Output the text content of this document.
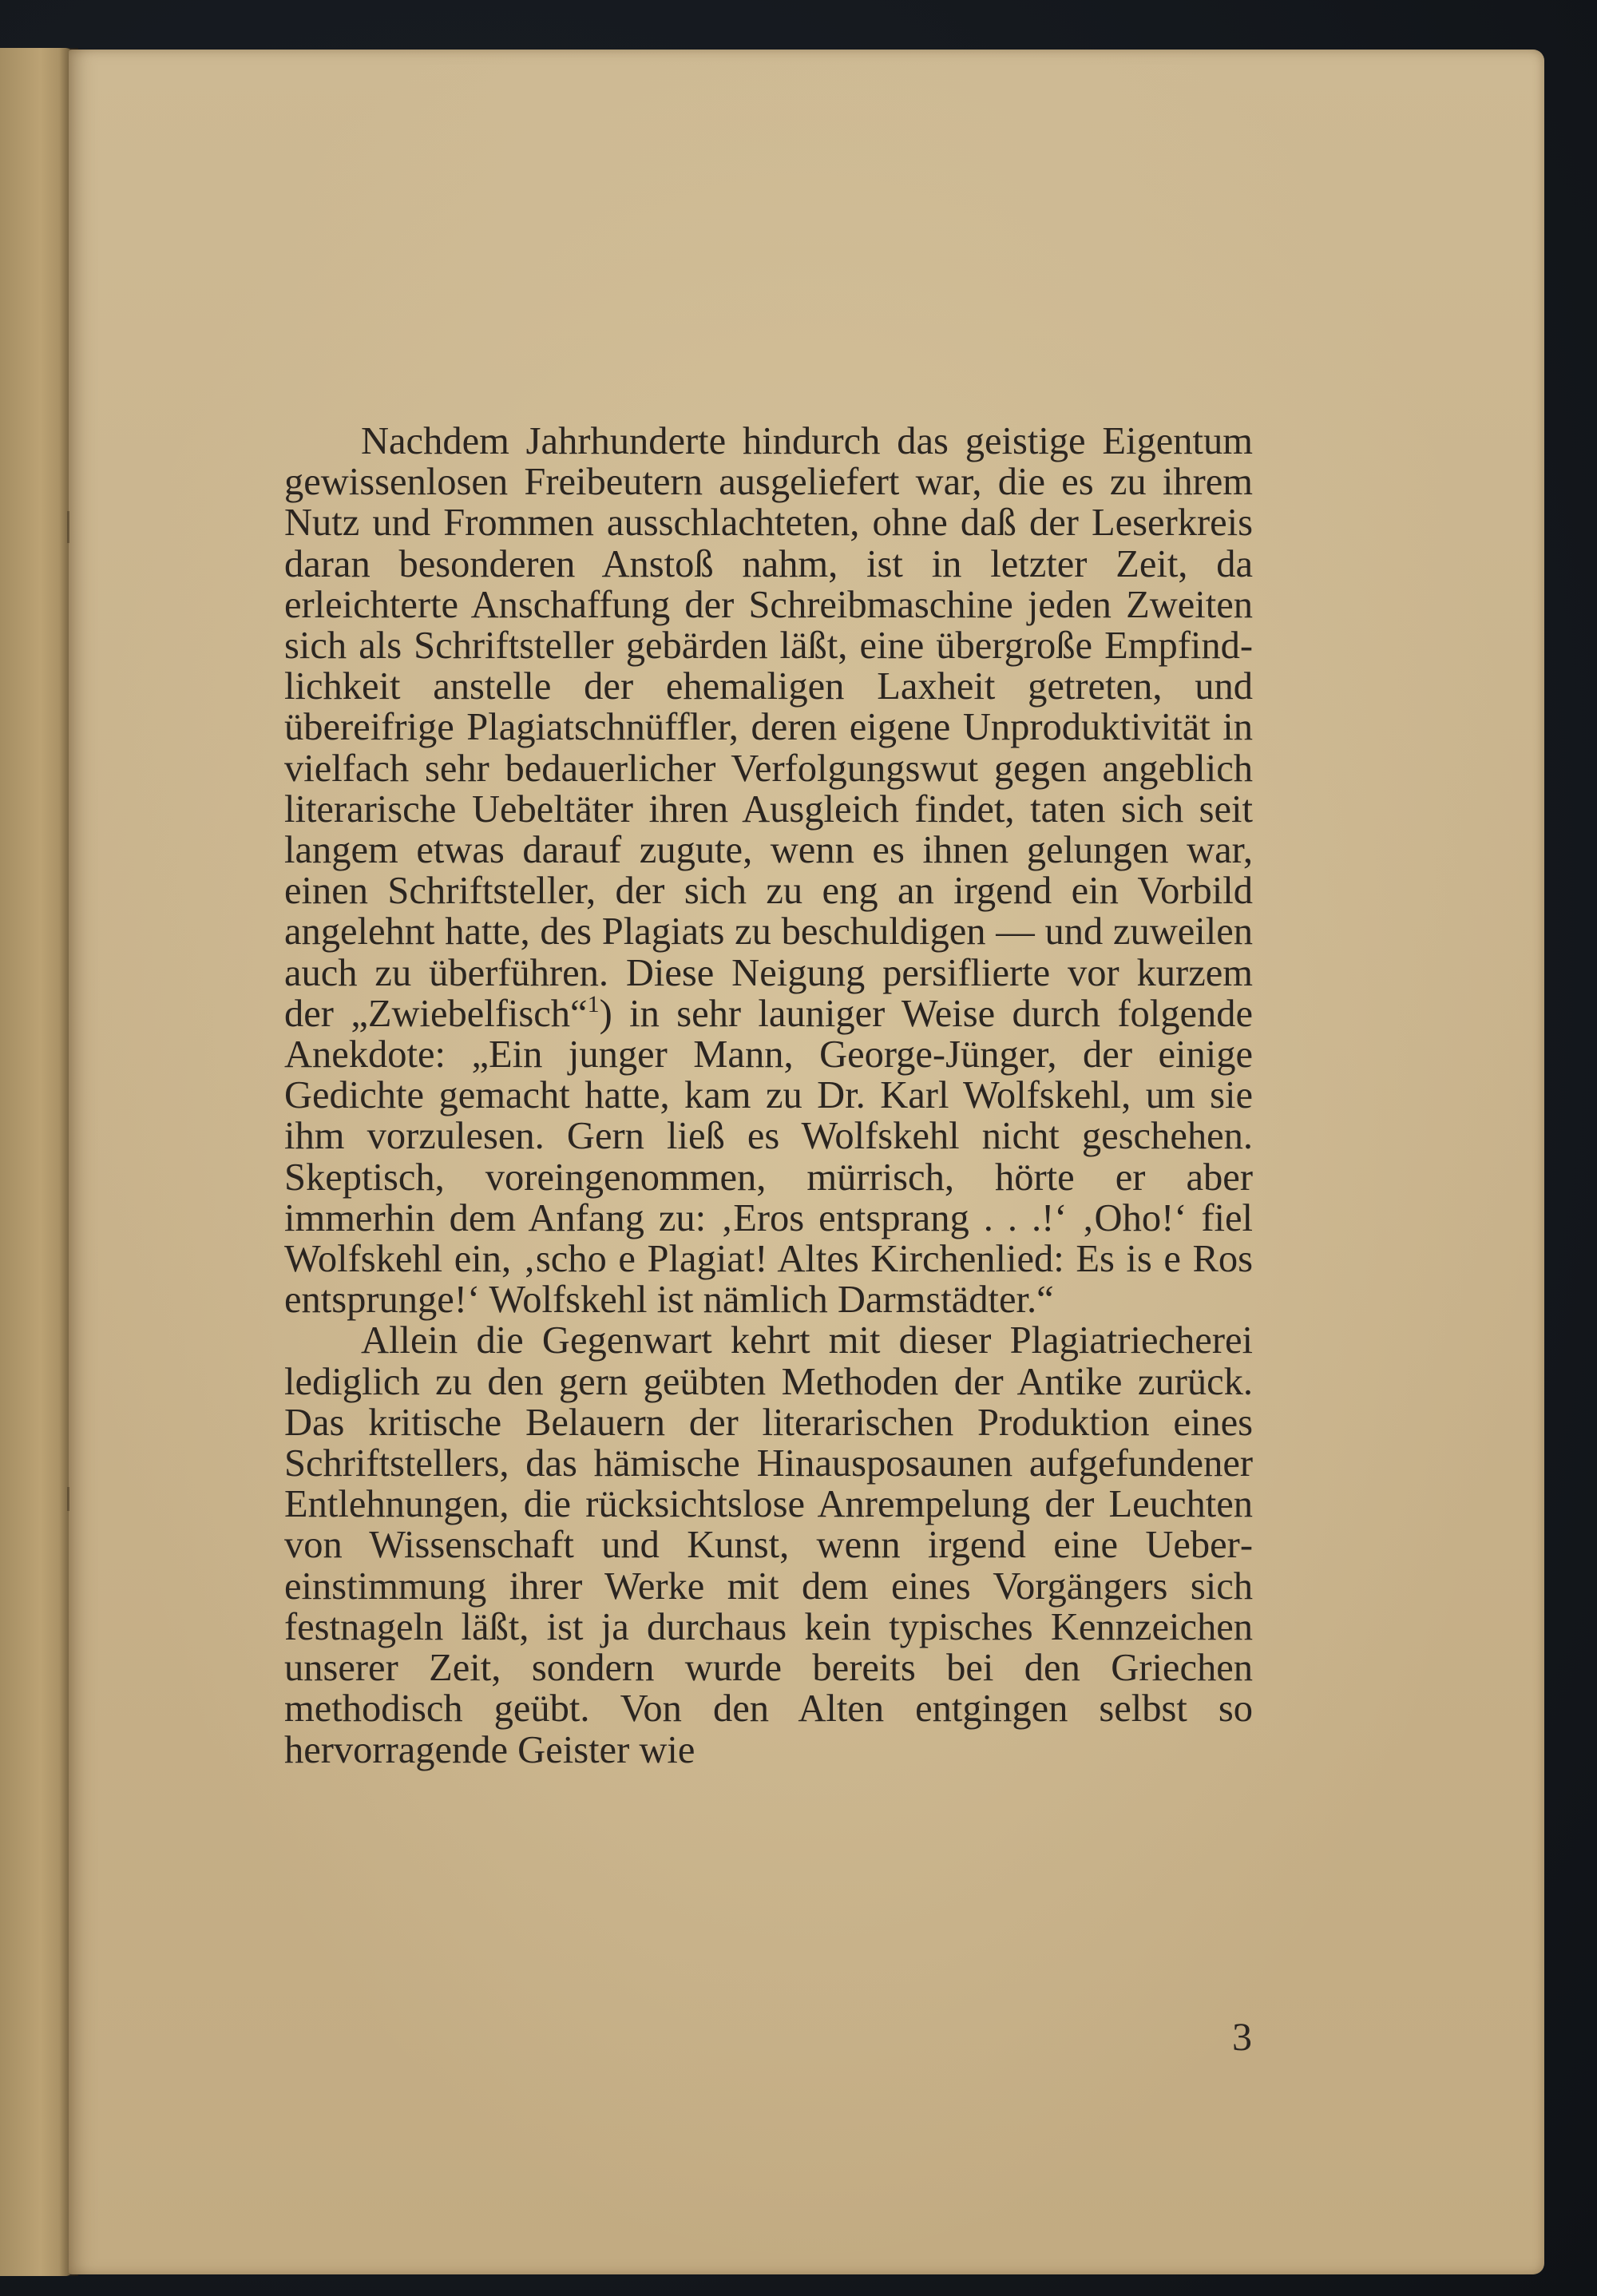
Nachdem Jahrhunderte hindurch das geistige Eigentum gewissenlosen Freibeutern ausgeliefert war, die es zu ihrem Nutz und Frommen ausschlachteten, ohne daß der Leserkreis daran besonderen Anstoß nahm, ist in letzter Zeit, da erleichterte Anschaffung der Schreibmaschine jeden Zweiten sich als Schriftsteller gebärden läßt, eine übergroße Empfindlichkeit anstelle der ehemaligen Laxheit getreten, und übereifrige Plagiatschnüffler, deren eigene Unproduktivität in vielfach sehr bedauerlicher Verfolgungswut gegen angeblich literarische Uebeltäter ihren Ausgleich findet, taten sich seit langem etwas darauf zugute, wenn es ihnen gelungen war, einen Schriftsteller, der sich zu eng an irgend ein Vorbild angelehnt hatte, des Plagiats zu beschuldigen — und zuweilen auch zu überführen. Diese Neigung persiflierte vor kurzem der „Zwiebelfisch“$^1$) in sehr launiger Weise durch folgende Anekdote: „Ein junger Mann, George-Jünger, der einige Gedichte gemacht hatte, kam zu Dr. Karl Wolfskehl, um sie ihm vorzulesen. Gern ließ es Wolfskehl nicht geschehen. Skeptisch, voreingenommen, mürrisch, hörte er aber immerhin dem Anfang zu: ‚Eros entsprang . . .!‘ ‚Oho!‘ fiel Wolfskehl ein, ‚scho e Plagiat! Altes Kirchenlied: Es is e Ros entsprunge!‘ Wolfskehl ist nämlich Darmstädter.“

Allein die Gegenwart kehrt mit dieser Plagiatriecherei lediglich zu den gern geübten Methoden der Antike zurück. Das kritische Belauern der literarischen Produktion eines Schriftstellers, das hämische Hinausposaunen aufgefundener Entlehnungen, die rücksichtslose Anrempelung der Leuchten von Wissenschaft und Kunst, wenn irgend eine Uebereinstimmung ihrer Werke mit dem eines Vorgängers sich festnageln läßt, ist ja durchaus kein typisches Kennzeichen unserer Zeit, sondern wurde bereits bei den Griechen methodisch geübt. Von den Alten entgingen selbst so hervorragende Geister wie

3
